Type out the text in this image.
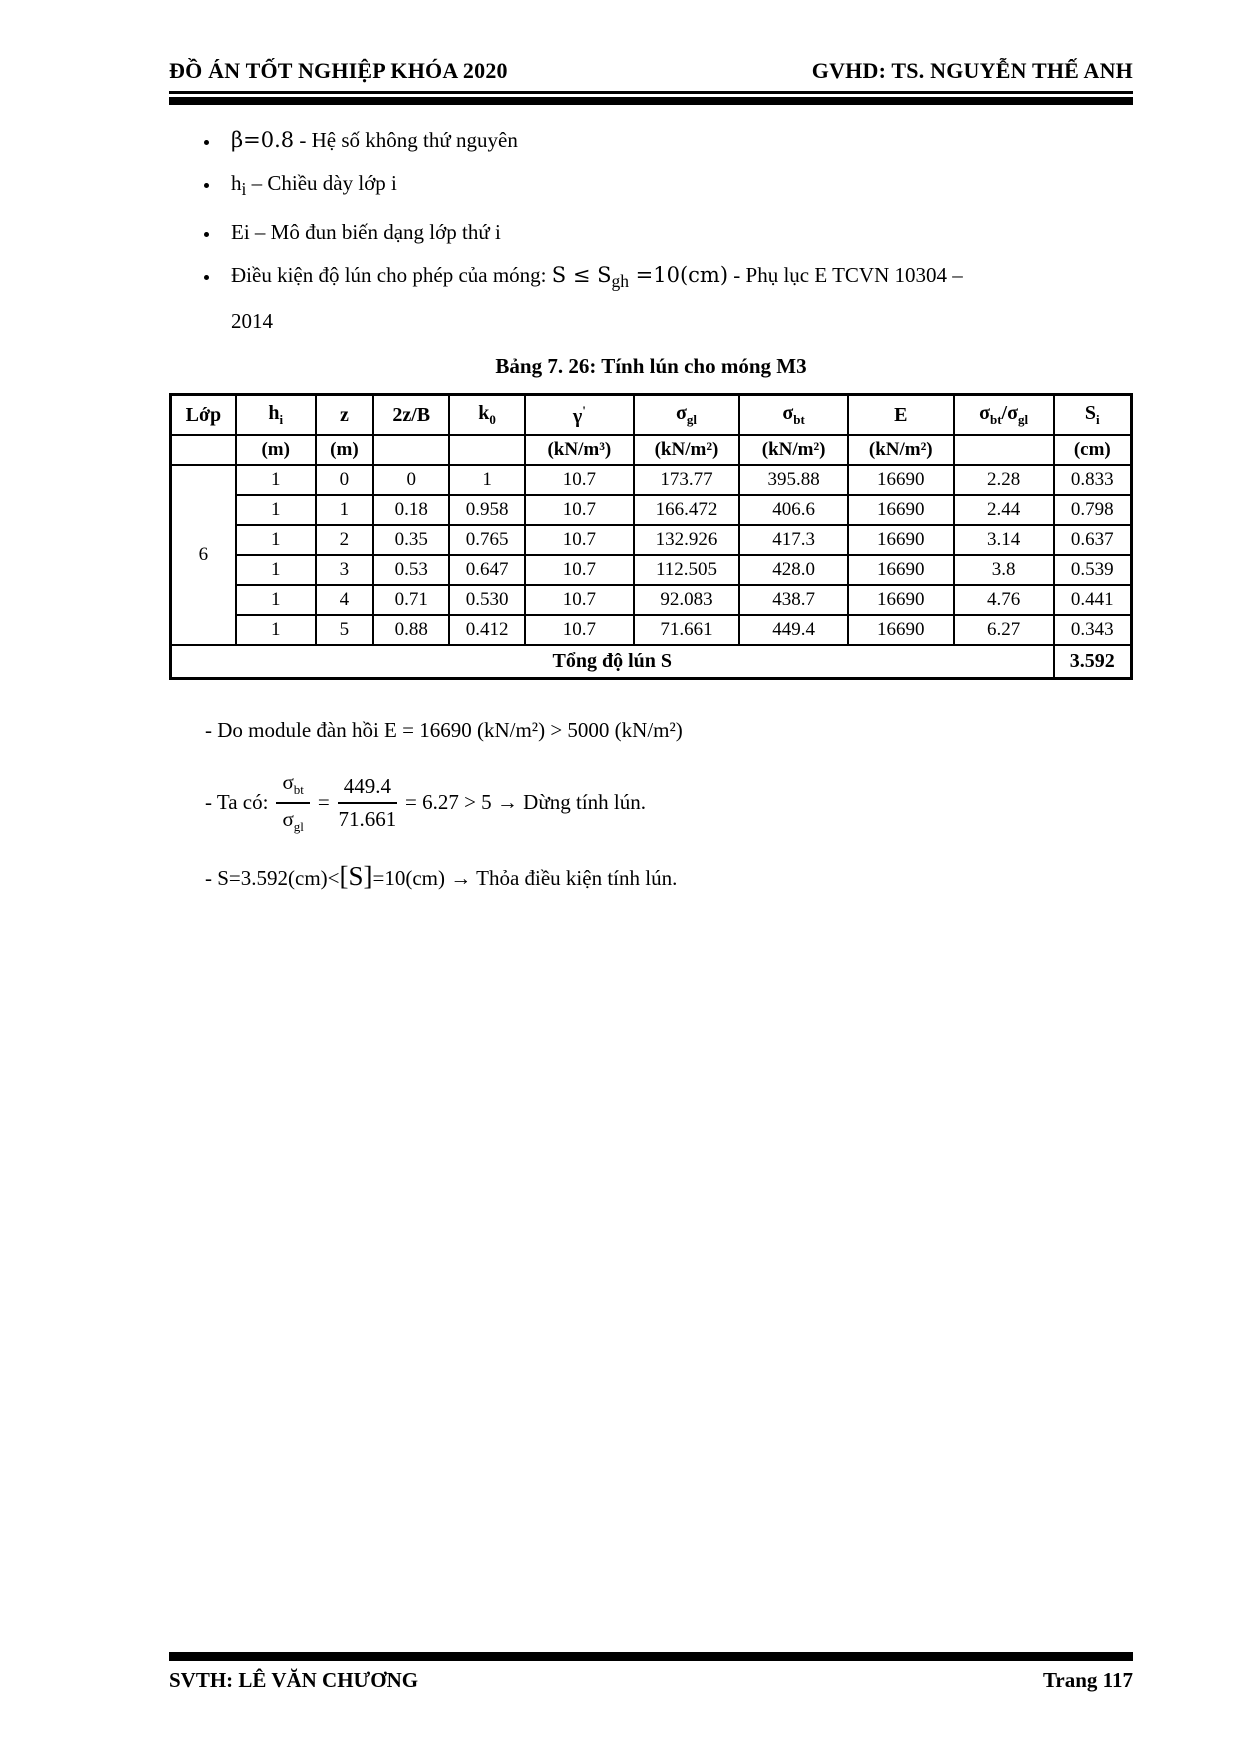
ĐỒ ÁN TỐT NGHIỆP KHÓA 2020	GVHD: TS. NGUYỄN THẾ ANH
• β=0.8 - Hệ số không thứ nguyên
• $h_i$ – Chiều dày lớp i
• Ei – Mô đun biến dạng lớp thứ i
• Điều kiện độ lún cho phép của móng: $S \le S_{gh} =10(cm)$ - Phụ lục E TCVN 10304 –
2014
Bảng 7. 26: Tính lún cho móng M3
Lớp	$h_i$	z	2z/B	$k_0$	γ'	$\sigma_{gl}$	$\sigma_{bt}$	E	$\sigma_{bt}/\sigma_{gl}$	$S_i$
	(m)	(m)			(kN/m³)	(kN/m²)	(kN/m²)	(kN/m²)		(cm)
6	1	0	0	1	10.7	173.77	395.88	16690	2.28	0.833
	1	1	0.18	0.958	10.7	166.472	406.6	16690	2.44	0.798
	1	2	0.35	0.765	10.7	132.926	417.3	16690	3.14	0.637
	1	3	0.53	0.647	10.7	112.505	428.0	16690	3.8	0.539
	1	4	0.71	0.530	10.7	92.083	438.7	16690	4.76	0.441
	1	5	0.88	0.412	10.7	71.661	449.4	16690	6.27	0.343
Tổng độ lún S										3.592
- Do module đàn hồi E = 16690 (kN/m²) > 5000 (kN/m²)
- Ta có: $\frac{\sigma_{bt}}{\sigma_{gl}} = \frac{449.4}{71.661} = 6.27 > 5$ → Dừng tính lún.
- S=3.592(cm)<[S]=10(cm) → Thỏa điều kiện tính lún.
SVTH: LÊ VĂN CHƯƠNG	Trang 117
